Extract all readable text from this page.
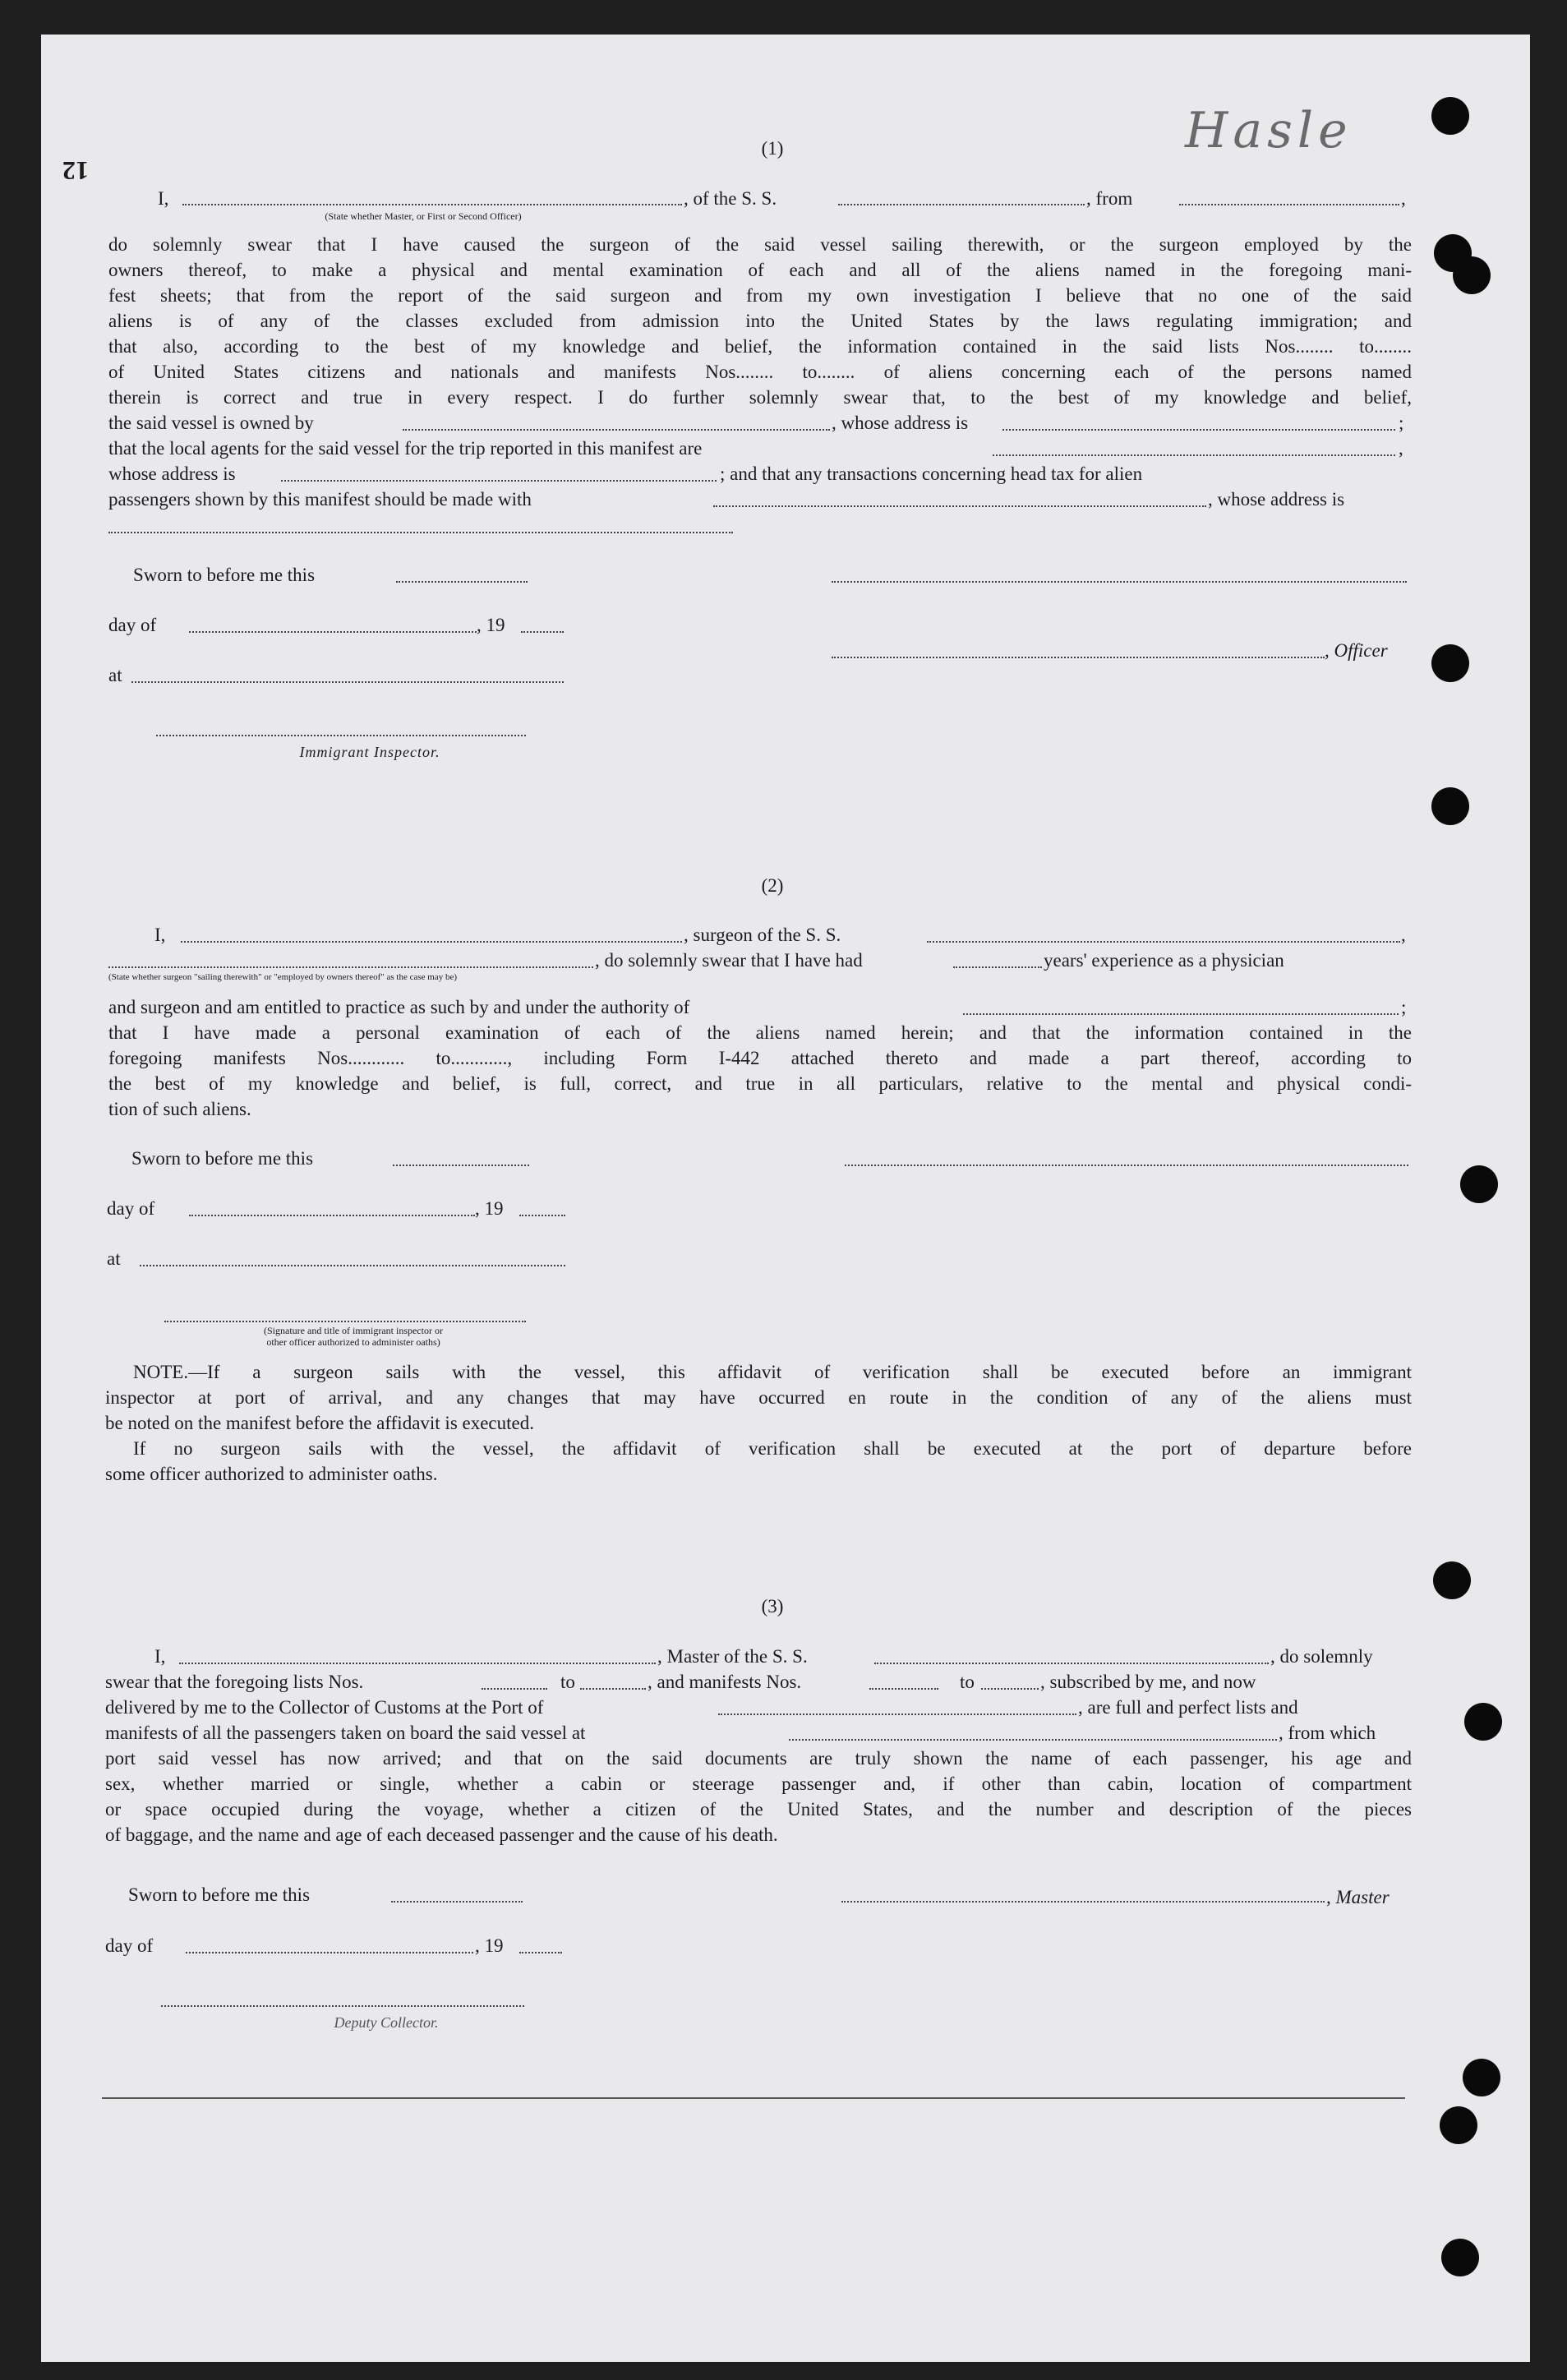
12
Hasle
(1)
I,	, of the S. S.	, from	,
(State whether Master, or First or Second Officer)
do solemnly swear that I have caused the surgeon of the said vessel sailing therewith, or the surgeon employed by the
owners thereof, to make a physical and mental examination of each and all of the aliens named in the foregoing mani-
fest sheets; that from the report of the said surgeon and from my own investigation I believe that no one of the said
aliens is of any of the classes excluded from admission into the United States by the laws regulating immigration; and
that also, according to the best of my knowledge and belief, the information contained in the said lists Nos........ to........
of United States citizens and nationals and manifests Nos........ to........ of aliens concerning each of the persons named
therein is correct and true in every respect. I do further solemnly swear that, to the best of my knowledge and belief,
the said vessel is owned by	, whose address is	;
that the local agents for the said vessel for the trip reported in this manifest are	,
whose address is	; and that any transactions concerning head tax for alien
passengers shown by this manifest should be made with	, whose address is
Sworn to before me this
day of	, 19
, Officer
at
Immigrant Inspector.
(2)
I,	, surgeon of the S. S.	,
, do solemnly swear that I have had	years' experience as a physician
(State whether surgeon "sailing therewith" or "employed by owners thereof" as the case may be)
and surgeon and am entitled to practice as such by and under the authority of	;
that I have made a personal examination of each of the aliens named herein; and that the information contained in the
foregoing manifests Nos............ to............, including Form I-442 attached thereto and made a part thereof, according to
the best of my knowledge and belief, is full, correct, and true in all particulars, relative to the mental and physical condi-
tion of such aliens.
Sworn to before me this
day of	, 19
at
(Signature and title of immigrant inspector or
other officer authorized to administer oaths)
NOTE.—If a surgeon sails with the vessel, this affidavit of verification shall be executed before an immigrant
inspector at port of arrival, and any changes that may have occurred en route in the condition of any of the aliens must
be noted on the manifest before the affidavit is executed.
If no surgeon sails with the vessel, the affidavit of verification shall be executed at the port of departure before
some officer authorized to administer oaths.
(3)
I,	, Master of the S. S.	, do solemnly
swear that the foregoing lists Nos.	to	, and manifests Nos.	to	, subscribed by me, and now
delivered by me to the Collector of Customs at the Port of	, are full and perfect lists and
manifests of all the passengers taken on board the said vessel at	, from which
port said vessel has now arrived; and that on the said documents are truly shown the name of each passenger, his age and
sex, whether married or single, whether a cabin or steerage passenger and, if other than cabin, location of compartment
or space occupied during the voyage, whether a citizen of the United States, and the number and description of the pieces
of baggage, and the name and age of each deceased passenger and the cause of his death.
Sworn to before me this	, Master
day of	, 19
Deputy Collector.
